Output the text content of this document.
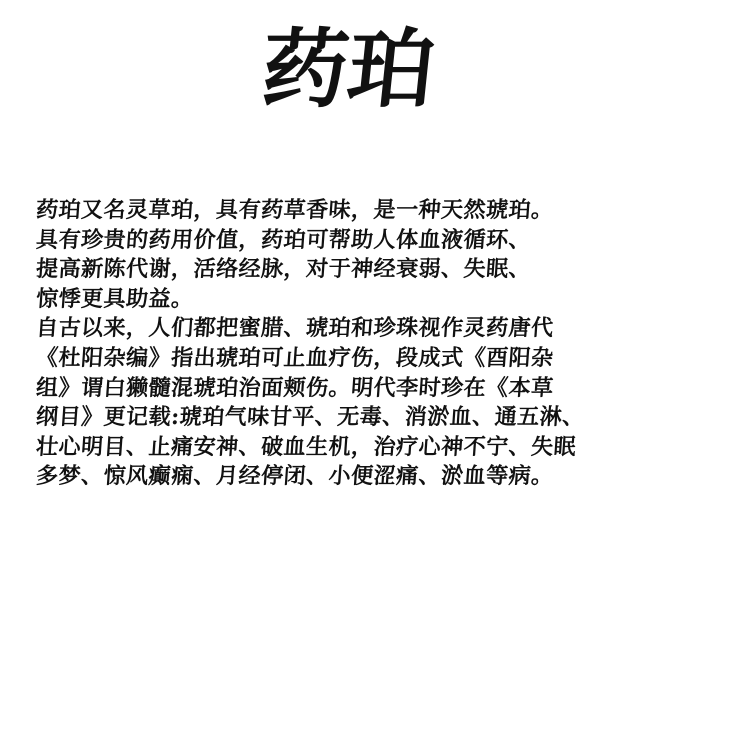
药珀
药珀又名灵草珀，具有药草香味，是一种天然琥珀。
具有珍贵的药用价值，药珀可帮助人体血液循环、
提高新陈代谢，活络经脉，对于神经衰弱、失眠、
惊悸更具助益。
自古以来，人们都把蜜腊、琥珀和珍珠视作灵药唐代
《杜阳杂编》指出琥珀可止血疗伤，段成式《酉阳杂
组》谓白獭髓混琥珀治面颊伤。明代李时珍在《本草
纲目》更记载:琥珀气味甘平、无毒、消淤血、通五淋、
壮心明目、止痛安神、破血生机，治疗心神不宁、失眠
多梦、惊风癫痫、月经停闭、小便涩痛、淤血等病。
